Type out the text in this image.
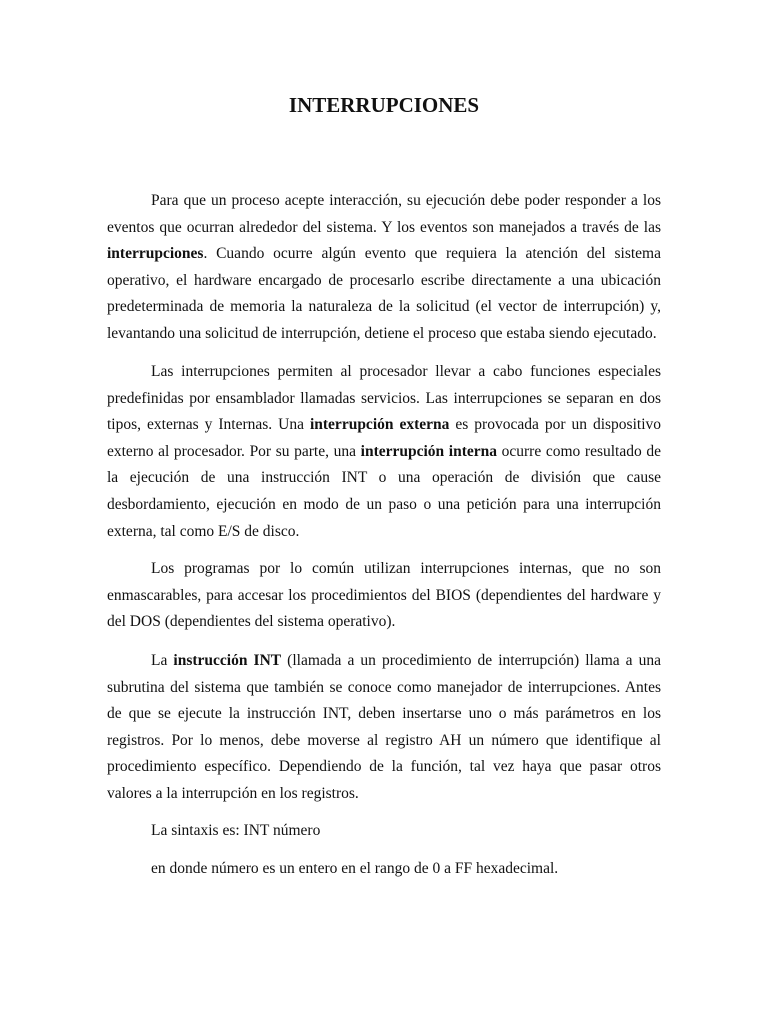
INTERRUPCIONES

Para que un proceso acepte interacción, su ejecución debe poder responder a los eventos que ocurran alrededor del sistema. Y los eventos son manejados a través de las interrupciones. Cuando ocurre algún evento que requiera la atención del sistema operativo, el hardware encargado de procesarlo escribe directamente a una ubicación predeterminada de memoria la naturaleza de la solicitud (el vector de interrupción) y, levantando una solicitud de interrupción, detiene el proceso que estaba siendo ejecutado.

Las interrupciones permiten al procesador llevar a cabo funciones especiales predefinidas por ensamblador llamadas servicios. Las interrupciones se separan en dos tipos, externas y Internas. Una interrupción externa es provocada por un dispositivo externo al procesador. Por su parte, una interrupción interna ocurre como resultado de la ejecución de una instrucción INT o una operación de división que cause desbordamiento, ejecución en modo de un paso o una petición para una interrupción externa, tal como E/S de disco.

Los programas por lo común utilizan interrupciones internas, que no son enmascarables, para accesar los procedimientos del BIOS (dependientes del hardware y del DOS (dependientes del sistema operativo).

La instrucción INT (llamada a un procedimiento de interrupción) llama a una subrutina del sistema que también se conoce como manejador de interrupciones. Antes de que se ejecute la instrucción INT, deben insertarse uno o más parámetros en los registros. Por lo menos, debe moverse al registro AH un número que identifique al procedimiento específico. Dependiendo de la función, tal vez haya que pasar otros valores a la interrupción en los registros.

La sintaxis es: INT número

en donde número es un entero en el rango de 0 a FF hexadecimal.
